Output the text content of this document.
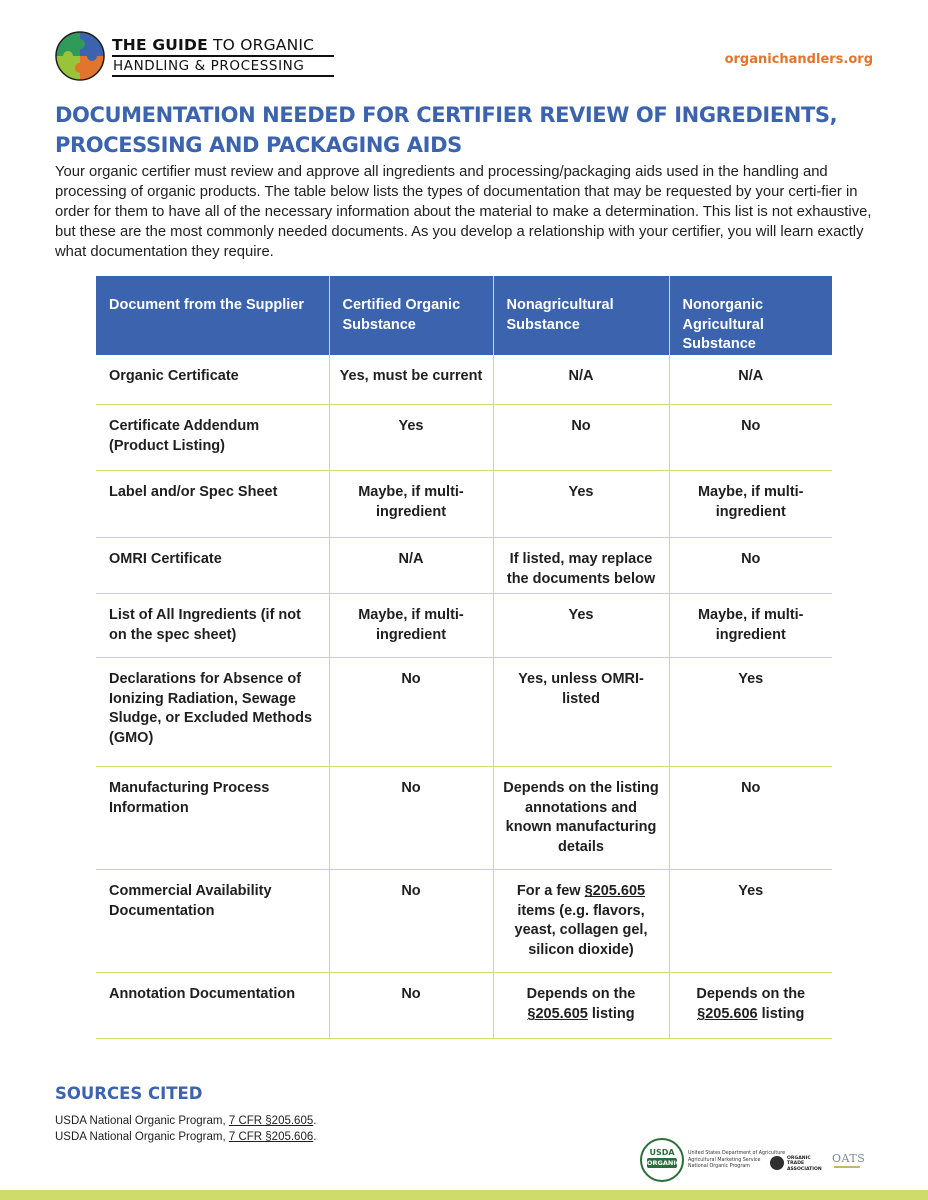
THE GUIDE TO ORGANIC
HANDLING & PROCESSING	organichandlers.org
DOCUMENTATION NEEDED FOR CERTIFIER REVIEW OF INGREDIENTS, PROCESSING AND PACKAGING AIDS

Your organic certifier must review and approve all ingredients and processing/packaging aids used in the handling and processing of organic products. The table below lists the types of documentation that may be requested by your certi-fier in order for them to have all of the necessary information about the material to make a determination. This list is not exhaustive, but these are the most commonly needed documents. As you develop a relationship with your certifier, you will learn exactly what documentation they require.

Document from the Supplier	Certified Organic Substance	Nonagricultural Substance	Nonorganic Agricultural Substance
Organic Certificate	Yes, must be current	N/A	N/A
Certificate Addendum (Product Listing)	Yes	No	No
Label and/or Spec Sheet	Maybe, if multi-ingredient	Yes	Maybe, if multi-ingredient
OMRI Certificate	N/A	If listed, may replace the documents below	No
List of All Ingredients (if not on the spec sheet)	Maybe, if multi-ingredient	Yes	Maybe, if multi-ingredient
Declarations for Absence of Ionizing Radiation, Sewage Sludge, or Excluded Methods (GMO)	No	Yes, unless OMRI-listed	Yes
Manufacturing Process Information	No	Depends on the listing annotations and known manufacturing details	No
Commercial Availability Documentation	No	For a few §205.605 items (e.g. flavors, yeast, collagen gel, silicon dioxide)	Yes
Annotation Documentation	No	Depends on the §205.605 listing	Depends on the §205.606 listing
SOURCES CITED
USDA National Organic Program, 7 CFR §205.605.
USDA National Organic Program, 7 CFR §205.606.
USDA
ORGANIC
United States Department of Agriculture
Agricultural Marketing Service
National Organic Program
ORGANIC
TRADE
ASSOCIATION
OATS
